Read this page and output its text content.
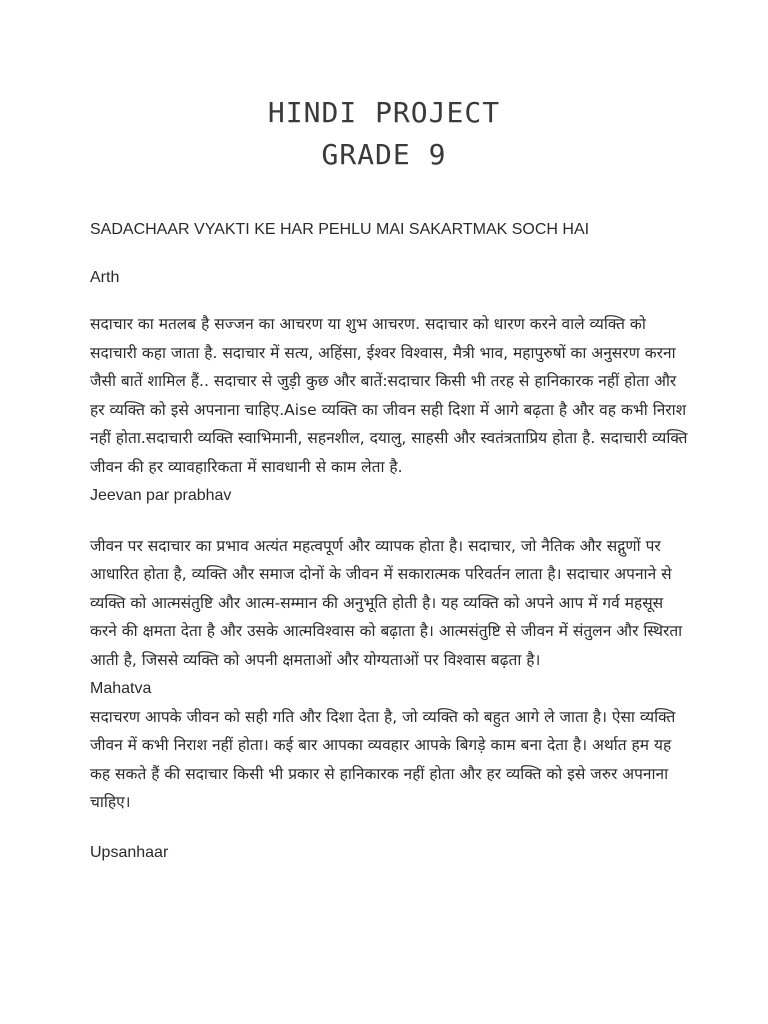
HINDI PROJECT
GRADE 9

SADACHAAR VYAKTI KE HAR PEHLU MAI SAKARTMAK SOCH HAI

Arth

सदाचार का मतलब है सज्जन का आचरण या शुभ आचरण. सदाचार को धारण करने वाले व्यक्ति को सदाचारी कहा जाता है. सदाचार में सत्य, अहिंसा, ईश्वर विश्वास, मैत्री भाव, महापुरुषों का अनुसरण करना जैसी बातें शामिल हैं.. सदाचार से जुड़ी कुछ और बातें:सदाचार किसी भी तरह से हानिकारक नहीं होता और हर व्यक्ति को इसे अपनाना चाहिए.Aise व्यक्ति का जीवन सही दिशा में आगे बढ़ता है और वह कभी निराश नहीं होता.सदाचारी व्यक्ति स्वाभिमानी, सहनशील, दयालु, साहसी और स्वतंत्रताप्रिय होता है. सदाचारी व्यक्ति जीवन की हर व्यावहारिकता में सावधानी से काम लेता है.

Jeevan par prabhav

जीवन पर सदाचार का प्रभाव अत्यंत महत्वपूर्ण और व्यापक होता है। सदाचार, जो नैतिक और सद्गुणों पर आधारित होता है, व्यक्ति और समाज दोनों के जीवन में सकारात्मक परिवर्तन लाता है। सदाचार अपनाने से व्यक्ति को आत्मसंतुष्टि और आत्म-सम्मान की अनुभूति होती है। यह व्यक्ति को अपने आप में गर्व महसूस करने की क्षमता देता है और उसके आत्मविश्वास को बढ़ाता है। आत्मसंतुष्टि से जीवन में संतुलन और स्थिरता आती है, जिससे व्यक्ति को अपनी क्षमताओं और योग्यताओं पर विश्वास बढ़ता है।

Mahatva

सदाचरण आपके जीवन को सही गति और दिशा देता है, जो व्यक्ति को बहुत आगे ले जाता है। ऐसा व्यक्ति जीवन में कभी निराश नहीं होता। कई बार आपका व्यवहार आपके बिगड़े काम बना देता है। अर्थात हम यह कह सकते हैं की सदाचार किसी भी प्रकार से हानिकारक नहीं होता और हर व्यक्ति को इसे जरुर अपनाना चाहिए।

Upsanhaar
